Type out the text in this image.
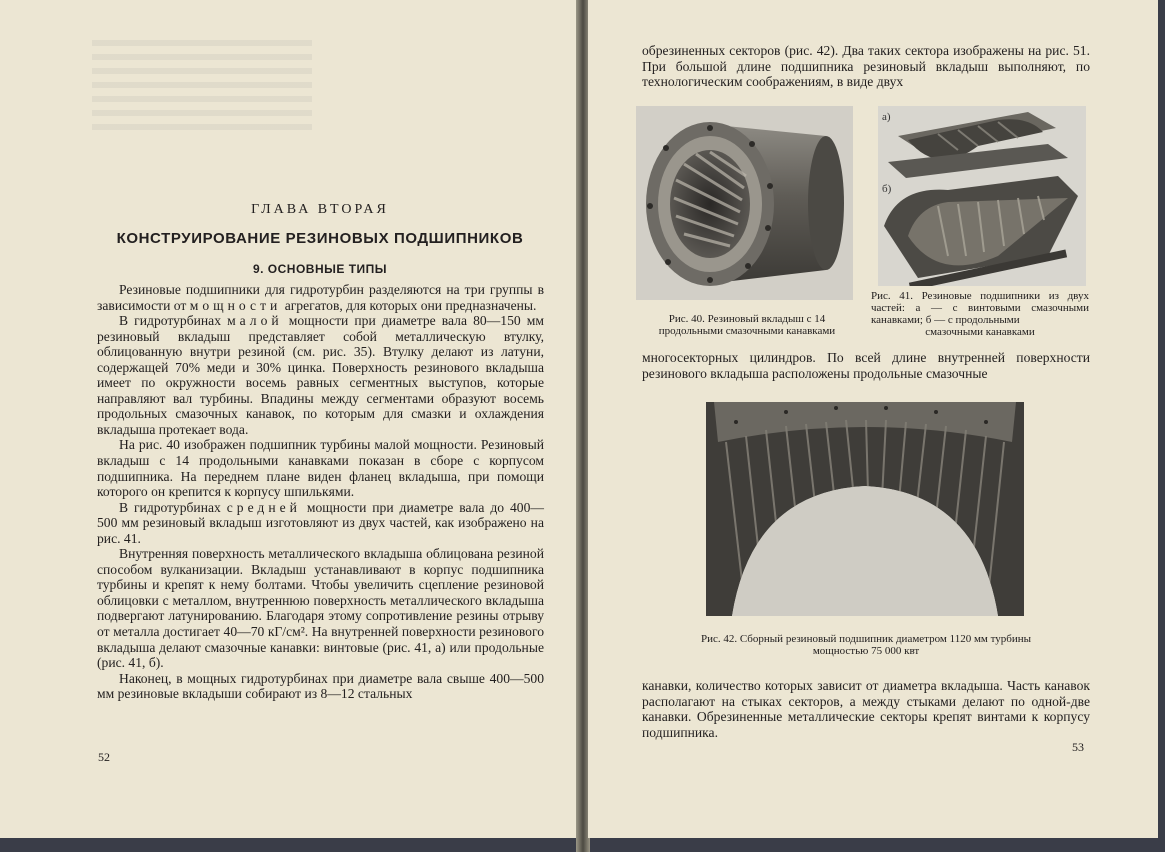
ГЛАВА ВТОРАЯ
КОНСТРУИРОВАНИЕ РЕЗИНОВЫХ ПОДШИПНИКОВ
9. ОСНОВНЫЕ ТИПЫ

Резиновые подшипники для гидротурбин разделяются на три группы в зависимости от мощности агрегатов, для которых они предназначены.

В гидротурбинах малой мощности при диаметре вала 80—150 мм резиновый вкладыш представляет собой металлическую втулку, облицованную внутри резиной (см. рис. 35). Втулку делают из латуни, содержащей 70% меди и 30% цинка. Поверхность резинового вкладыша имеет по окружности восемь равных сегментных выступов, которые направляют вал турбины. Впадины между сегментами образуют восемь продольных смазочных канавок, по которым для смазки и охлаждения вкладыша протекает вода.

На рис. 40 изображен подшипник турбины малой мощности. Резиновый вкладыш с 14 продольными канавками показан в сборе с корпусом подшипника. На переднем плане виден фланец вкладыша, при помощи которого он крепится к корпусу шпилькями.

В гидротурбинах средней мощности при диаметре вала до 400—500 мм резиновый вкладыш изготовляют из двух частей, как изображено на рис. 41.

Внутренняя поверхность металлического вкладыша облицована резиной способом вулканизации. Вкладыш устанавливают в корпус подшипника турбины и крепят к нему болтами. Чтобы увеличить сцепление резиновой облицовки с металлом, внутреннюю поверхность металлического вкладыша подвергают латунированию. Благодаря этому сопротивление резины отрыву от металла достигает 40—70 кГ/см². На внутренней поверхности резинового вкладыша делают смазочные канавки: винтовые (рис. 41, а) или продольные (рис. 41, б).

Наконец, в мощных гидротурбинах при диаметре вала свыше 400—500 мм резиновые вкладыши собирают из 8—12 стальных

52

обрезиненных секторов (рис. 42). Два таких сектора изображены на рис. 51. При большой длине подшипника резиновый вкладыш выполняют, по технологическим соображениям, в виде двух

а)
б)
Рис. 40. Резиновый вкладыш с 14 продольными смазочными канавками
Рис. 41. Резиновые подшипники из двух частей: а — с винтовыми смазочными канавками; б — с продольными
смазочными канавками

многосекторных цилиндров. По всей длине внутренней поверхности резинового вкладыша расположены продольные смазочные

Рис. 42. Сборный резиновый подшипник диаметром 1120 мм турбины мощностью 75 000 квт

канавки, количество которых зависит от диаметра вкладыша. Часть канавок располагают на стыках секторов, а между стыками делают по одной-две канавки. Обрезиненные металлические секторы крепят винтами к корпусу подшипника.

53
